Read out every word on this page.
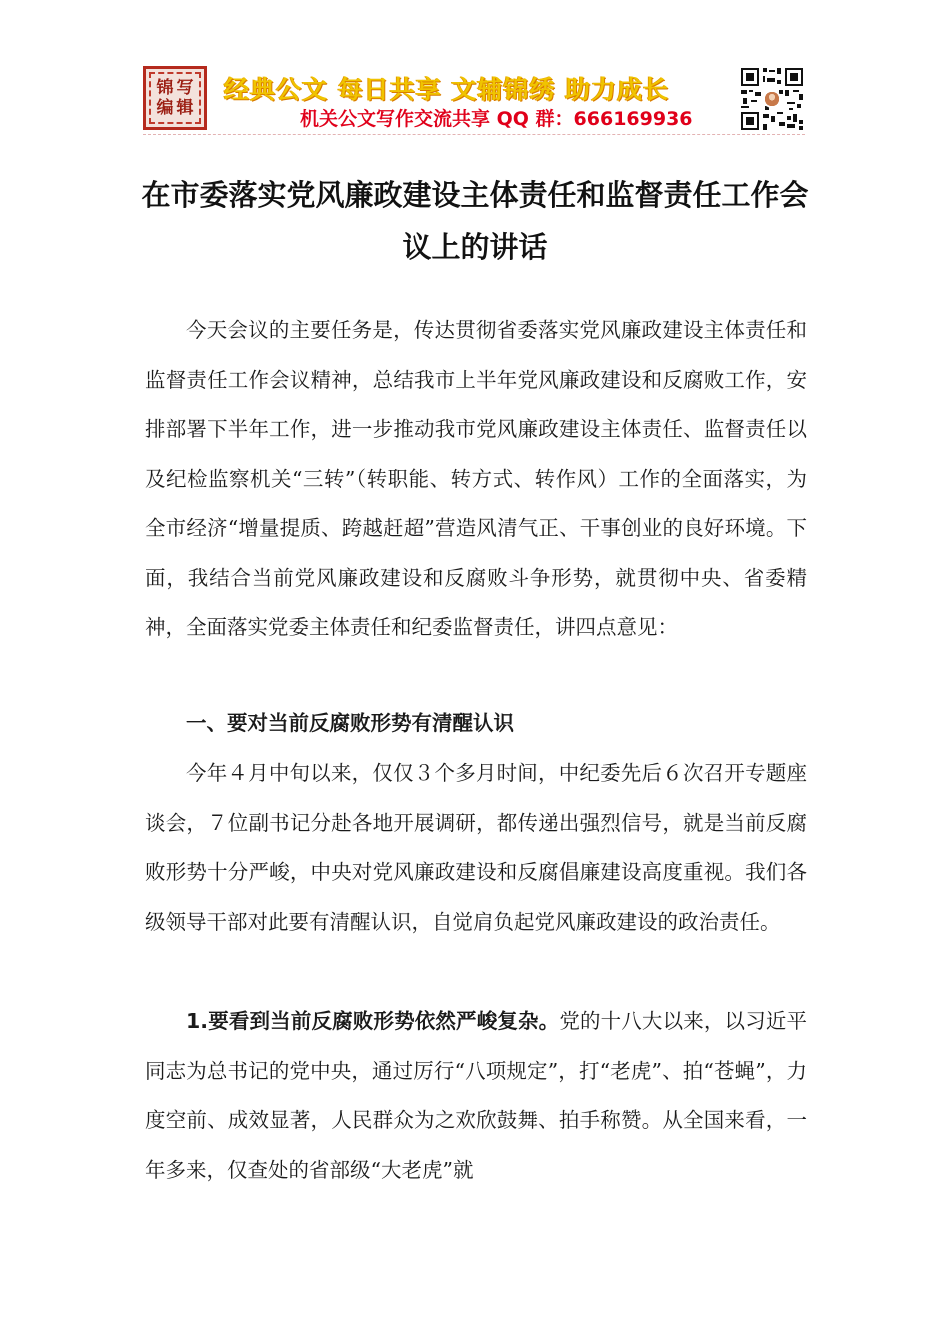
锦 写
编 辑
经典公文 每日共享 文辅锦绣 助力成长
机关公文写作交流共享 QQ 群：666169936
在市委落实党风廉政建设主体责任和监督责任工作会议上的讲话

今天会议的主要任务是，传达贯彻省委落实党风廉政建设主体责任和监督责任工作会议精神，总结我市上半年党风廉政建设和反腐败工作，安排部署下半年工作，进一步推动我市党风廉政建设主体责任、监督责任以及纪检监察机关“三转”（转职能、转方式、转作风）工作的全面落实，为全市经济“增量提质、跨越赶超”营造风清气正、干事创业的良好环境。下面，我结合当前党风廉政建设和反腐败斗争形势，就贯彻中央、省委精神，全面落实党委主体责任和纪委监督责任，讲四点意见：

一、要对当前反腐败形势有清醒认识

今年４月中旬以来，仅仅３个多月时间，中纪委先后６次召开专题座谈会，７位副书记分赴各地开展调研，都传递出强烈信号，就是当前反腐败形势十分严峻，中央对党风廉政建设和反腐倡廉建设高度重视。我们各级领导干部对此要有清醒认识，自觉肩负起党风廉政建设的政治责任。

1.要看到当前反腐败形势依然严峻复杂。党的十八大以来，以习近平同志为总书记的党中央，通过厉行“八项规定”，打“老虎”、拍“苍蝇”，力度空前、成效显著，人民群众为之欢欣鼓舞、拍手称赞。从全国来看，一年多来，仅查处的省部级“大老虎”就
